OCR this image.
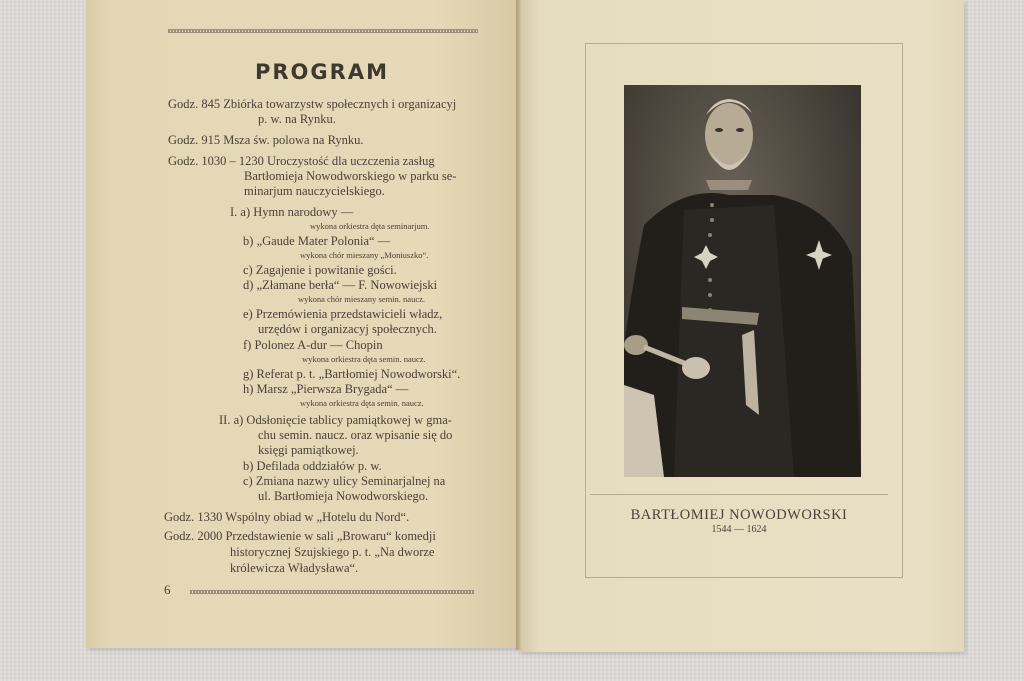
PROGRAM
Godz. 845 Zbiórka towarzystw społecznych i organizacyj
p. w. na Rynku.
Godz. 915 Msza św. polowa na Rynku.
Godz. 1030 – 1230 Uroczystość dla uczczenia zasług
Bartłomieja Nowodworskiego w parku se-
minarjum nauczycielskiego.
I. a) Hymn narodowy —
wykona orkiestra dęta seminarjum.
b) „Gaude Mater Polonia“ —
wykona chór mieszany „Moniuszko“.
c) Zagajenie i powitanie gości.
d) „Złamane berła“ — F. Nowowiejski
wykona chór mieszany semin. naucz.
e) Przemówienia przedstawicieli władz,
urzędów i organizacyj społecznych.
f) Polonez A-dur — Chopin
wykona orkiestra dęta semin. naucz.
g) Referat p. t. „Bartłomiej Nowodworski“.
h) Marsz „Pierwsza Brygada“ —
wykona orkiestra dęta semin. naucz.
II. a) Odsłonięcie tablicy pamiątkowej w gma-
chu semin. naucz. oraz wpisanie się do
księgi pamiątkowej.
b) Defilada oddziałów p. w.
c) Zmiana nazwy ulicy Seminarjalnej na
ul. Bartłomieja Nowodworskiego.
Godz. 1330 Wspólny obiad w „Hotelu du Nord“.
Godz. 2000 Przedstawienie w sali „Browaru“ komedji
historycznej Szujskiego p. t. „Na dworze
królewicza Władysława“.
6
BARTŁOMIEJ NOWODWORSKI
1544 — 1624
